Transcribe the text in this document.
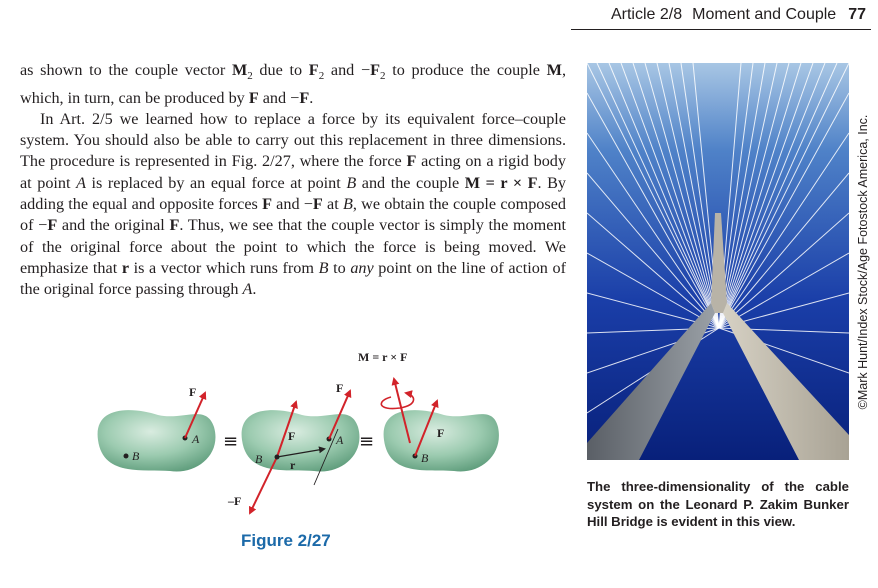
Article 2/8 Moment and Couple 77

as shown to the couple vector $M_2$ due to $F_2$ and $-F_2$ to produce the couple M, which, in turn, can be produced by F and −F.

In Art. 2/5 we learned how to replace a force by its equivalent force–couple system. You should also be able to carry out this replacement in three dimensions. The procedure is represented in Fig. 2/27, where the force F acting on a rigid body at point A is replaced by an equal force at point B and the couple M = r × F. By adding the equal and opposite forces F and −F at B, we obtain the couple composed of −F and the original F. Thus, we see that the couple vector is simply the moment of the original force about the point to which the force is being moved. We emphasize that r is a vector which runs from B to any point on the line of action of the original force passing through A.

B
A
F
≡	F
B r
A
F
–F
≡
B
F
M = r × F
Figure 2/27
©Mark Hunt/Index Stock/Age Fotostock America, Inc.
The three-dimensionality of the cable system on the Leonard P. Zakim Bunker Hill Bridge is evident in this view.
